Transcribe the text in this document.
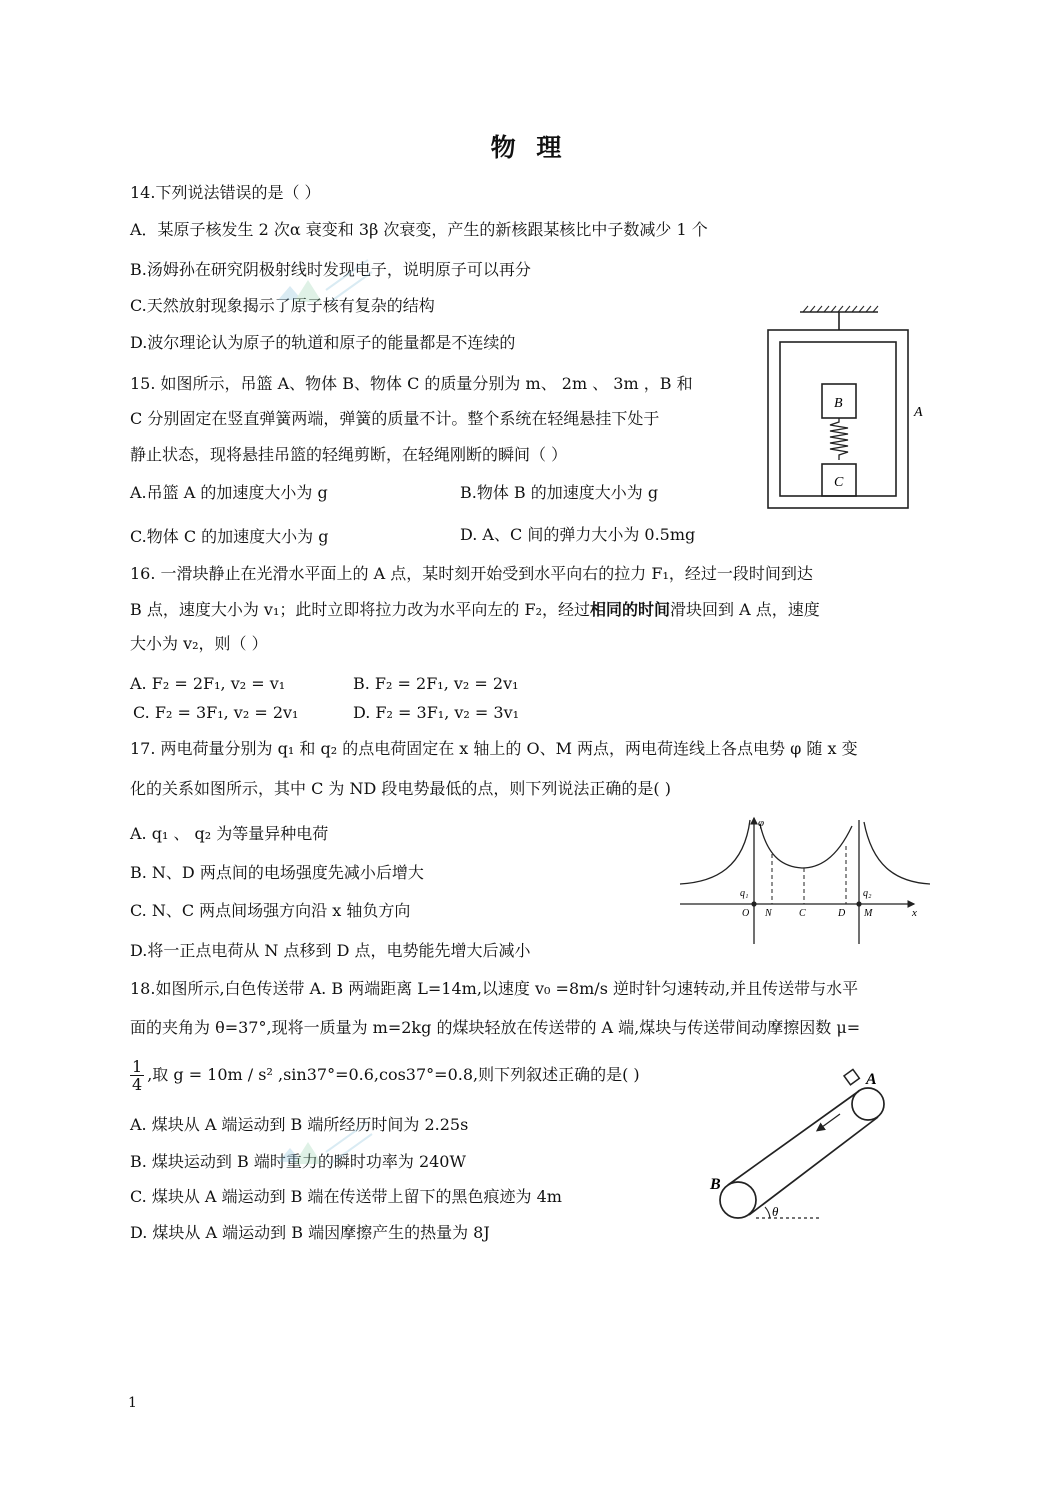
物 理
14.下列说法错误的是（ ）
A．某原子核发生 2 次α 衰变和 3β 次衰变，产生的新核跟某核比中子数减少 1 个
B.汤姆孙在研究阴极射线时发现电子，说明原子可以再分
C.天然放射现象揭示了原子核有复杂的结构
D.波尔理论认为原子的轨道和原子的能量都是不连续的
15. 如图所示，吊篮 A、物体 B、物体 C 的质量分别为 m、 2m 、 3m ，B 和
C 分别固定在竖直弹簧两端，弹簧的质量不计。整个系统在轻绳悬挂下处于
静止状态，现将悬挂吊篮的轻绳剪断，在轻绳刚断的瞬间（ ）
A.吊篮 A 的加速度大小为 g	B.物体 B 的加速度大小为 g
C.物体 C 的加速度大小为 g	D. A、C 间的弹力大小为 0.5mg
B
C
A
16. 一滑块静止在光滑水平面上的 A 点，某时刻开始受到水平向右的拉力 F₁，经过一段时间到达
B 点，速度大小为 v₁；此时立即将拉力改为水平向左的 F₂，经过相同的时间滑块回到 A 点，速度
大小为 v₂，则（ ）
A. F₂ = 2F₁, v₂ = v₁	B. F₂ = 2F₁, v₂ = 2v₁
C. F₂ = 3F₁, v₂ = 2v₁	D. F₂ = 3F₁, v₂ = 3v₁
17. 两电荷量分别为 q₁ 和 q₂ 的点电荷固定在 x 轴上的 O、M 两点，两电荷连线上各点电势 φ 随 x 变
化的关系如图所示，其中 C 为 ND 段电势最低的点，则下列说法正确的是( )
A. q₁ 、 q₂ 为等量异种电荷
B. N、D 两点间的电场强度先减小后增大
C. N、C 两点间场强方向沿 x 轴负方向
D.将一正点电荷从 N 点移到 D 点，电势能先增大后减小
φ
q₁	q₂
x
O N	C	D M
18.如图所示,白色传送带 A. B 两端距离 L=14m,以速度 v₀ =8m/s 逆时针匀速转动,并且传送带与水平
面的夹角为 θ=37°,现将一质量为 m=2kg 的煤块轻放在传送带的 A 端,煤块与传送带间动摩擦因数 μ=
$\frac{1}{4}$ ,取 g = 10m / s² ,sin37°=0.6,cos37°=0.8,则下列叙述正确的是( )
A. 煤块从 A 端运动到 B 端所经历时间为 2.25s
B. 煤块运动到 B 端时重力的瞬时功率为 240W
C. 煤块从 A 端运动到 B 端在传送带上留下的黑色痕迹为 4m
D. 煤块从 A 端运动到 B 端因摩擦产生的热量为 8J
A
B
θ
1
